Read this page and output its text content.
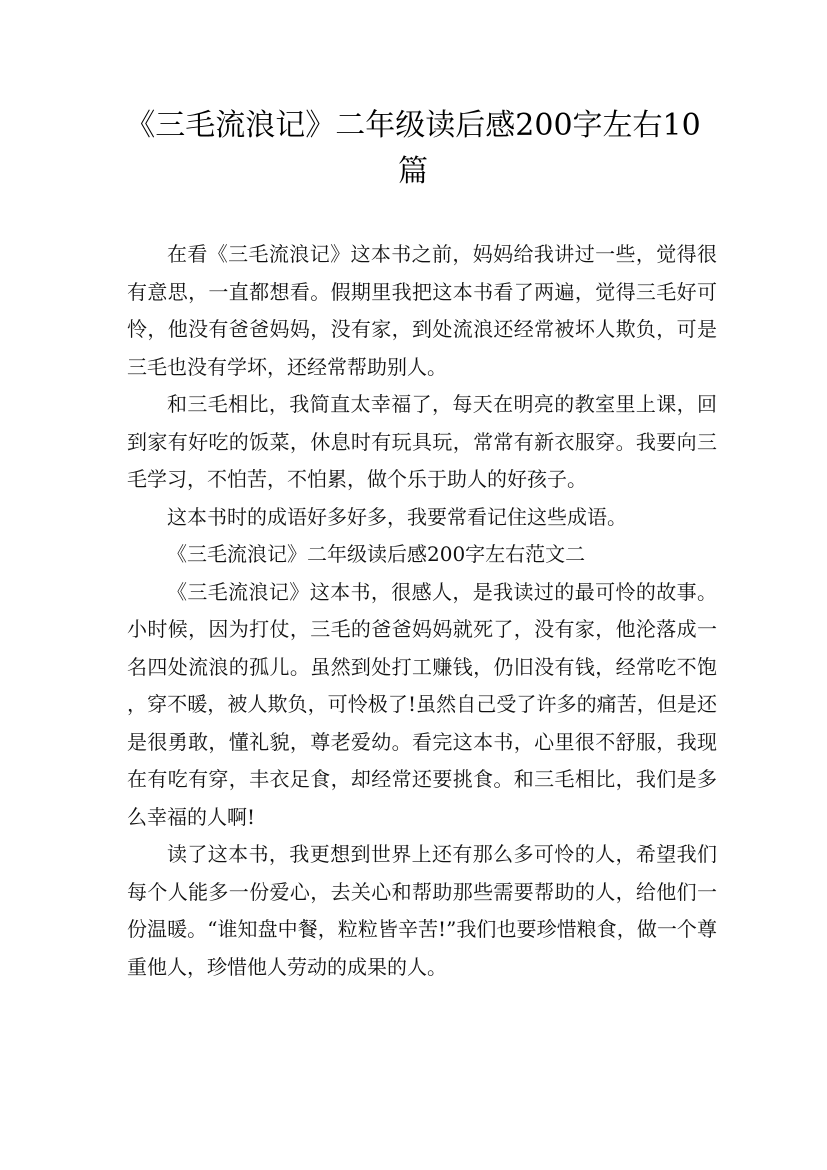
《三毛流浪记》二年级读后感200字左右10篇

在看《三毛流浪记》这本书之前，妈妈给我讲过一些，觉得很有意思，一直都想看。假期里我把这本书看了两遍，觉得三毛好可怜，他没有爸爸妈妈，没有家，到处流浪还经常被坏人欺负，可是三毛也没有学坏，还经常帮助别人。

和三毛相比，我简直太幸福了，每天在明亮的教室里上课，回到家有好吃的饭菜，休息时有玩具玩，常常有新衣服穿。我要向三毛学习，不怕苦，不怕累，做个乐于助人的好孩子。

这本书时的成语好多好多，我要常看记住这些成语。

《三毛流浪记》二年级读后感200字左右范文二

《三毛流浪记》这本书，很感人，是我读过的最可怜的故事。小时候，因为打仗，三毛的爸爸妈妈就死了，没有家，他沦落成一名四处流浪的孤儿。虽然到处打工赚钱，仍旧没有钱，经常吃不饱，穿不暖，被人欺负，可怜极了!虽然自己受了许多的痛苦，但是还是很勇敢，懂礼貌，尊老爱幼。看完这本书，心里很不舒服，我现在有吃有穿，丰衣足食，却经常还要挑食。和三毛相比，我们是多么幸福的人啊!

读了这本书，我更想到世界上还有那么多可怜的人，希望我们每个人能多一份爱心，去关心和帮助那些需要帮助的人，给他们一份温暖。“谁知盘中餐，粒粒皆辛苦!”我们也要珍惜粮食，做一个尊重他人，珍惜他人劳动的成果的人。
